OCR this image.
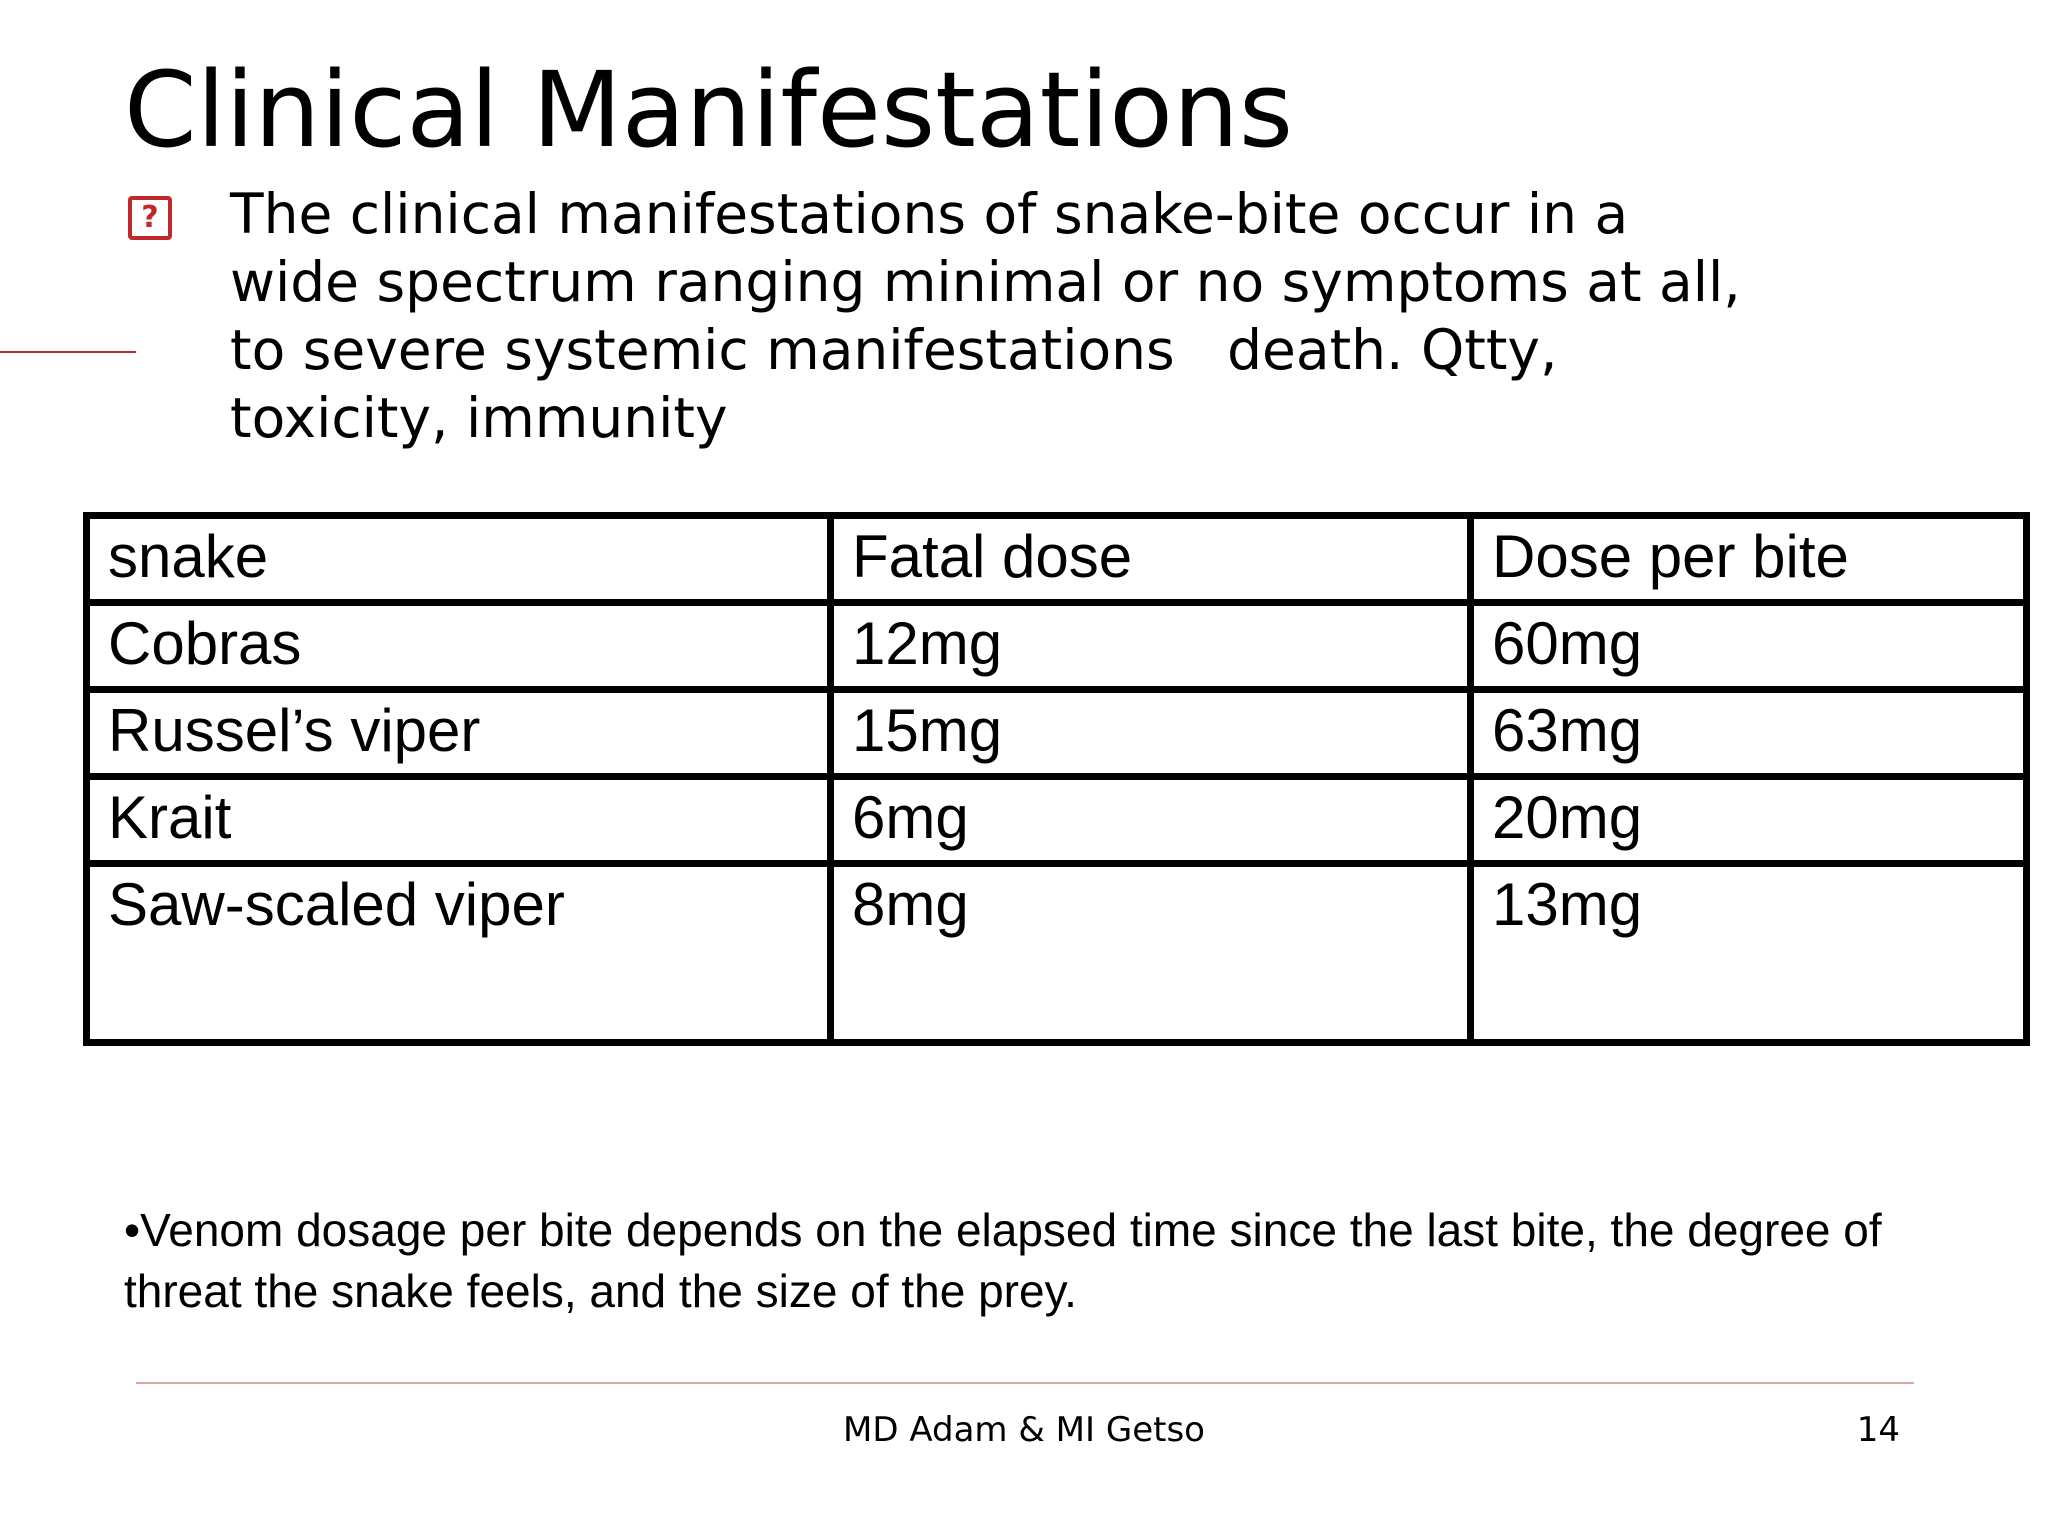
Clinical Manifestations
? The clinical manifestations of snake-bite occur in a wide spectrum ranging minimal or no symptoms at all, to severe systemic manifestations   death. Qtty, toxicity, immunity

snake	Fatal dose	Dose per bite
Cobras	12mg	60mg
Russel’s viper	15mg	63mg
Krait	6mg	20mg
Saw-scaled viper	8mg	13mg

•Venom dosage per bite depends on the elapsed time since the last bite, the degree of threat the snake feels, and the size of the prey.

MD Adam & MI Getso	14
